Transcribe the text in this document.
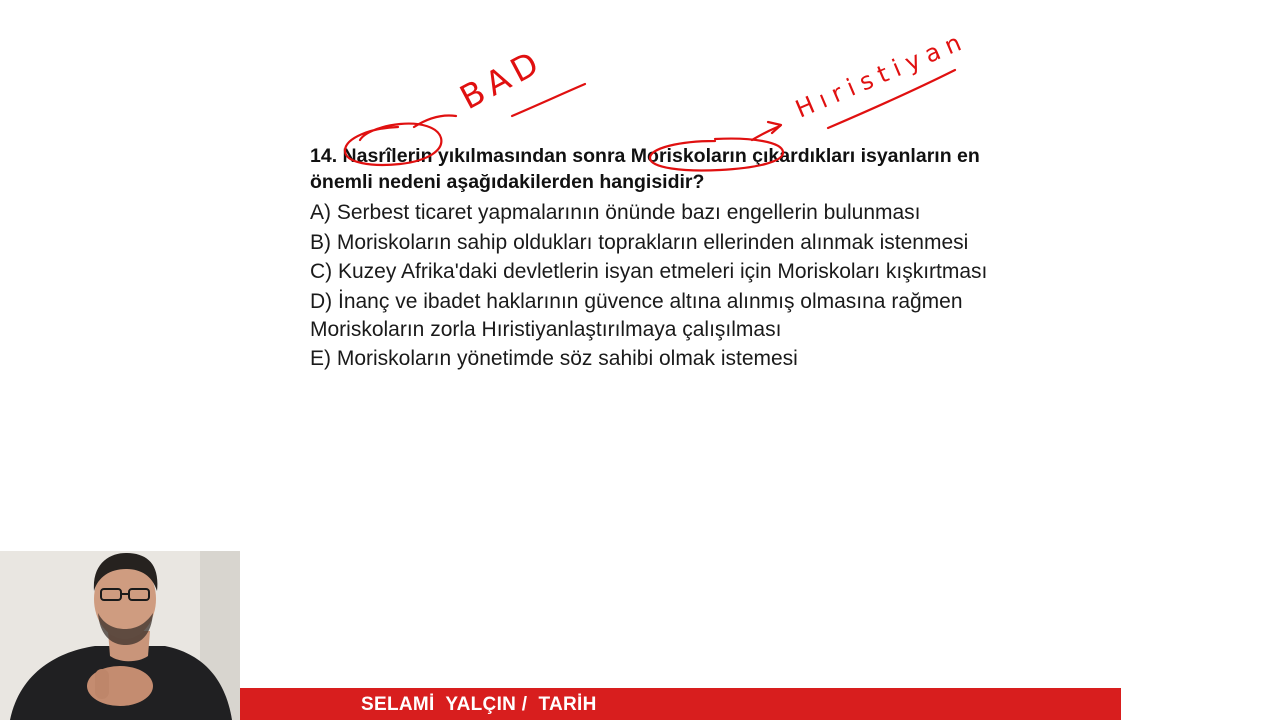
14. Nasrîlerin yıkılmasından sonra Moriskoların çıkardıkları isyanların en önemli nedeni aşağıdakilerden hangisidir?
A) Serbest ticaret yapmalarının önünde bazı engellerin bulunması
B) Moriskoların sahip oldukları toprakların ellerinden alınmak istenmesi
C) Kuzey Afrika'daki devletlerin isyan etmeleri için Moriskoları kışkırtması
D) İnanç ve ibadet haklarının güvence altına alınmış olmasına rağmen Moriskoların zorla Hıristiyanlaştırılmaya çalışılması
E) Moriskoların yönetimde söz sahibi olmak istemesi
BAD	Hıristiyan
SELAMİ  YALÇIN /  TARİH
